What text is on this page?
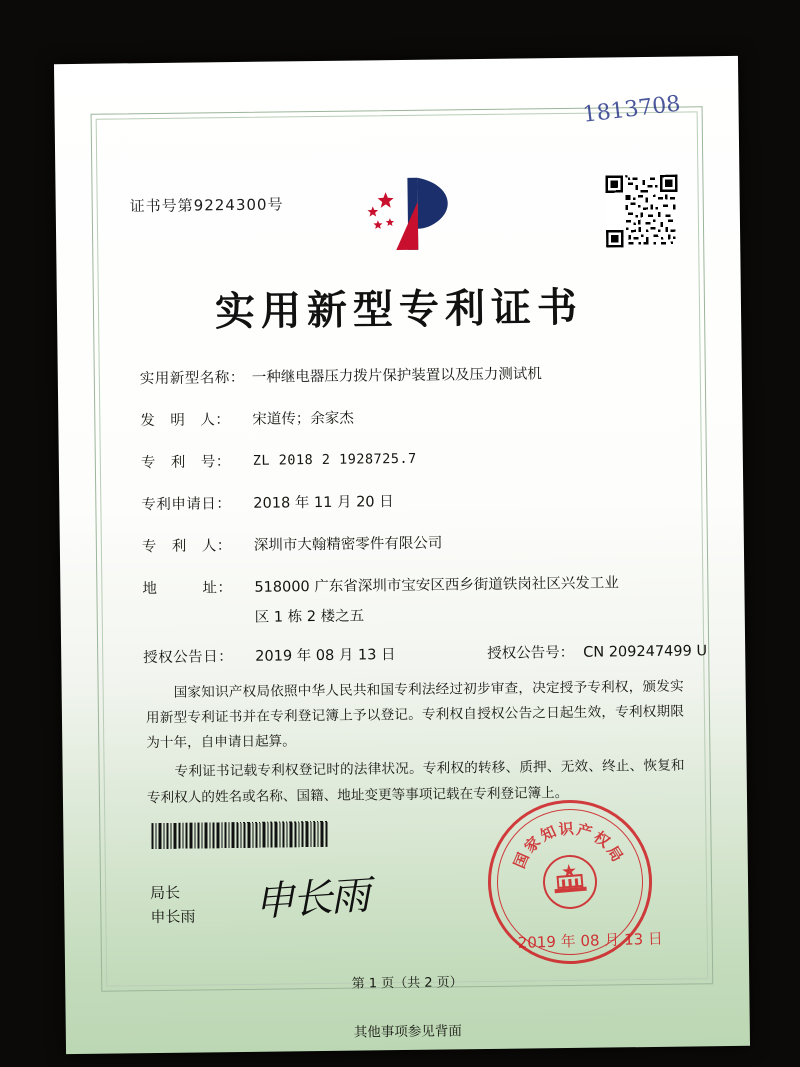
1813708
证书号第9224300号
实用新型专利证书
实用新型名称： 一种继电器压力拨片保护装置以及压力测试机
发　明　人：	宋道传；余家杰
专　利　号：	ZL 2018 2 1928725.7
专利申请日：	2018 年 11 月 20 日
专　利　人：	深圳市大翰精密零件有限公司
地　　　址：	518000 广东省深圳市宝安区西乡街道铁岗社区兴发工业
区 1 栋 2 楼之五
授权公告日：	2019 年 08 月 13 日	授权公告号： CN 209247499 U

国家知识产权局依照中华人民共和国专利法经过初步审查，决定授予专利权，颁发实用新型专利证书并在专利登记簿上予以登记。专利权自授权公告之日起生效，专利权期限为十年，自申请日起算。

专利证书记载专利权登记时的法律状况。专利权的转移、质押、无效、终止、恢复和专利权人的姓名或名称、国籍、地址变更等事项记载在专利登记簿上。

局长
申长雨 申长雨
国
家
知 识 产
权
局
2019 年 08 月 13 日
第 1 页（共 2 页）
其他事项参见背面
